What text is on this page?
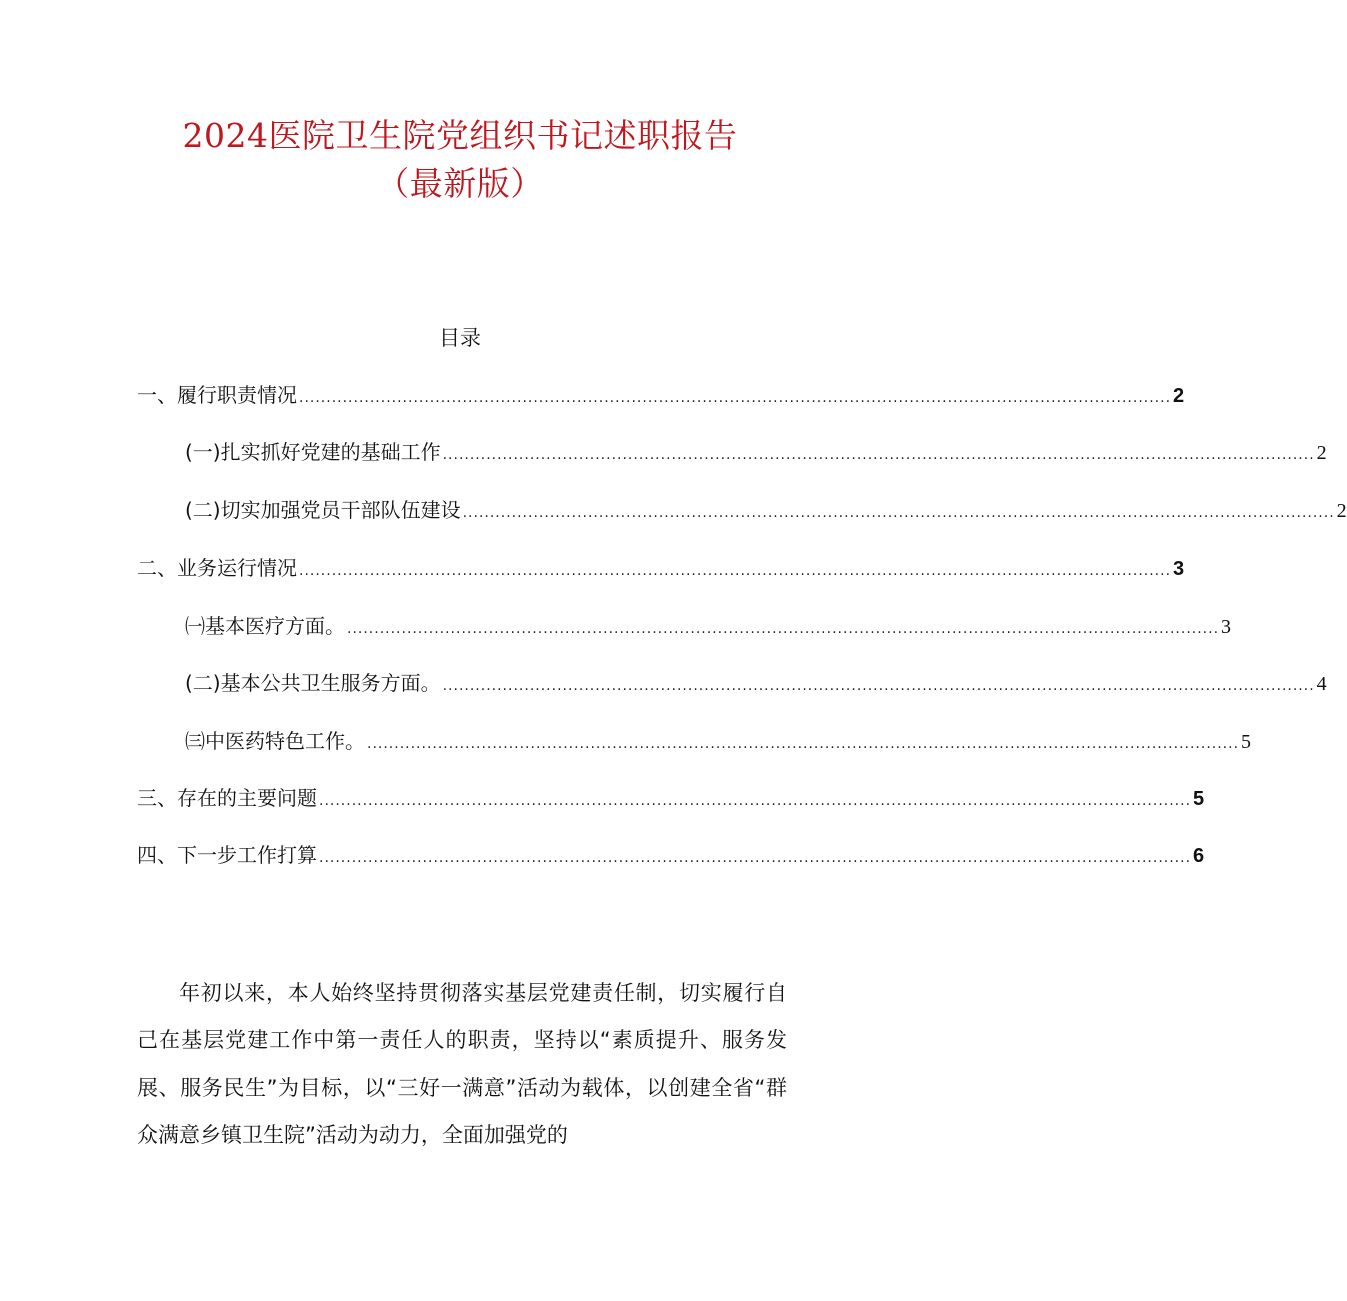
2024医院卫生院党组织书记述职报告
（最新版）
目录
一、履行职责情况 ................................................................................................................................................................ 2
(一)扎实抓好党建的基础工作 ................................................................................................................................................................ 2
(二)切实加强党员干部队伍建设 ................................................................................................................................................................ 2
二、业务运行情况 ................................................................................................................................................................ 3
㈠基本医疗方面。 ................................................................................................................................................................ 3
(二)基本公共卫生服务方面。 ................................................................................................................................................................ 4
㈢中医药特色工作。 ................................................................................................................................................................ 5
三、存在的主要问题 ................................................................................................................................................................ 5
四、下一步工作打算 ................................................................................................................................................................ 6

年初以来，本人始终坚持贯彻落实基层党建责任制，切实履行自己在基层党建工作中第一责任人的职责，坚持以“素质提升、服务发展、服务民生”为目标，以“三好一满意”活动为载体，以创建全省“群众满意乡镇卫生院”活动为动力，全面加强党的
